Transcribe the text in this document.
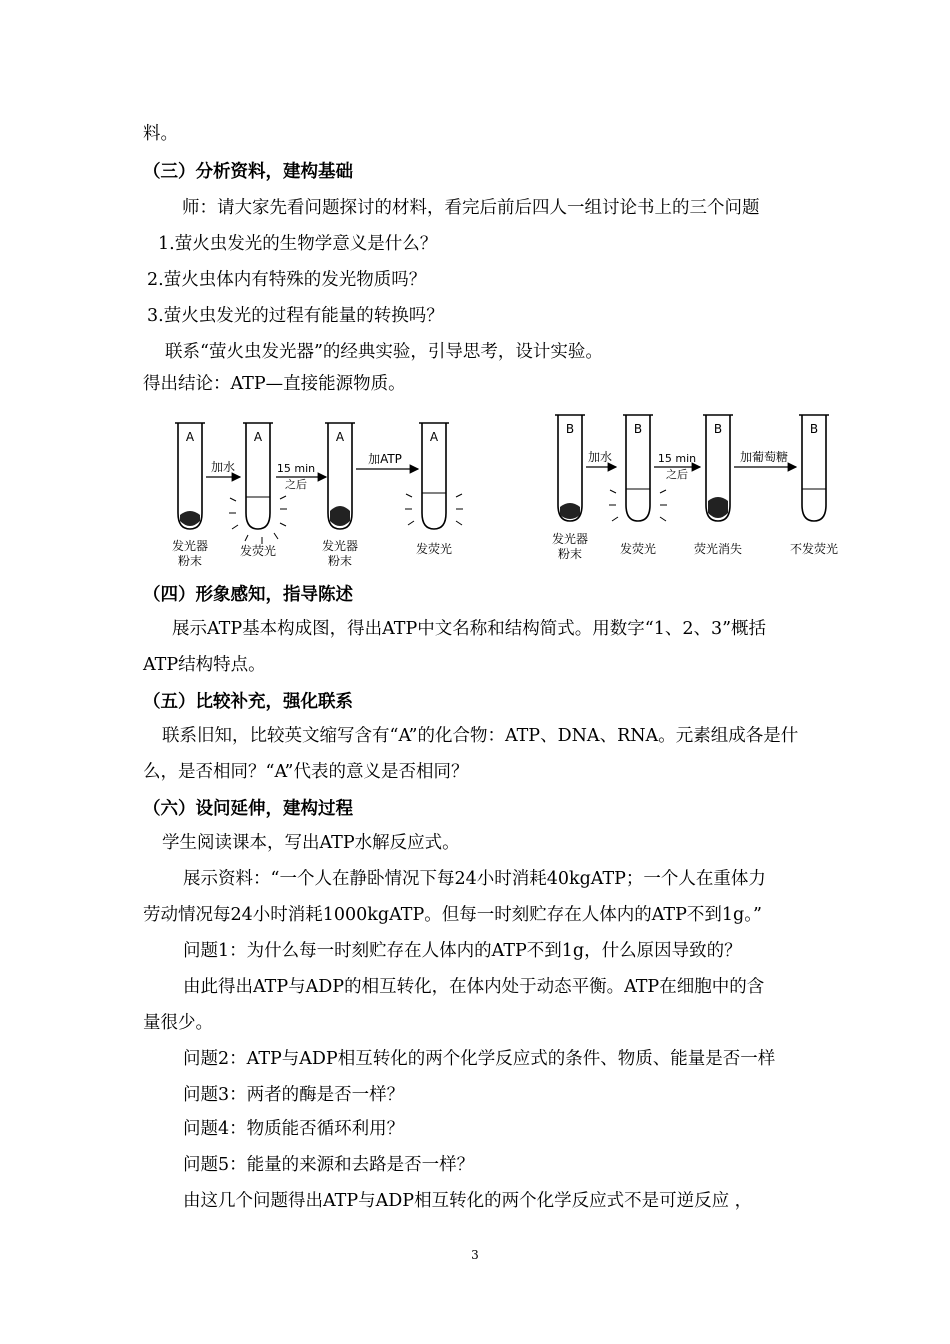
料。
（三）分析资料，建构基础
师：请大家先看问题探讨的材料，看完后前后四人一组讨论书上的三个问题
1.萤火虫发光的生物学意义是什么？
2.萤火虫体内有特殊的发光物质吗？
3.萤火虫发光的过程有能量的转换吗？
联系“萤火虫发光器”的经典实验，引导思考，设计实验。
得出结论：ATP—直接能源物质。
A	A	A	A
B	B	B	B
加水	15 min
之后
加ATP	加水	15 min
之后
加葡萄糖
发光器
粉末
发荧光	发光器
粉末
发荧光
发光器
粉末	发荧光	荧光消失	不发荧光
（四）形象感知，指导陈述
展示ATP基本构成图，得出ATP中文名称和结构简式。用数字“1、2、3”概括
ATP结构特点。
（五）比较补充，强化联系
联系旧知，比较英文缩写含有“A”的化合物：ATP、DNA、RNA。元素组成各是什
么，是否相同？“A”代表的意义是否相同？
（六）设问延伸，建构过程
学生阅读课本，写出ATP水解反应式。
展示资料：“一个人在静卧情况下每24小时消耗40kgATP；一个人在重体力
劳动情况每24小时消耗1000kgATP。但每一时刻贮存在人体内的ATP不到1g。”
问题1：为什么每一时刻贮存在人体内的ATP不到1g，什么原因导致的？
由此得出ATP与ADP的相互转化，在体内处于动态平衡。ATP在细胞中的含
量很少。
问题2：ATP与ADP相互转化的两个化学反应式的条件、物质、能量是否一样
问题3：两者的酶是否一样？
问题4：物质能否循环利用？
问题5：能量的来源和去路是否一样？
由这几个问题得出ATP与ADP相互转化的两个化学反应式不是可逆反应 ，
3
